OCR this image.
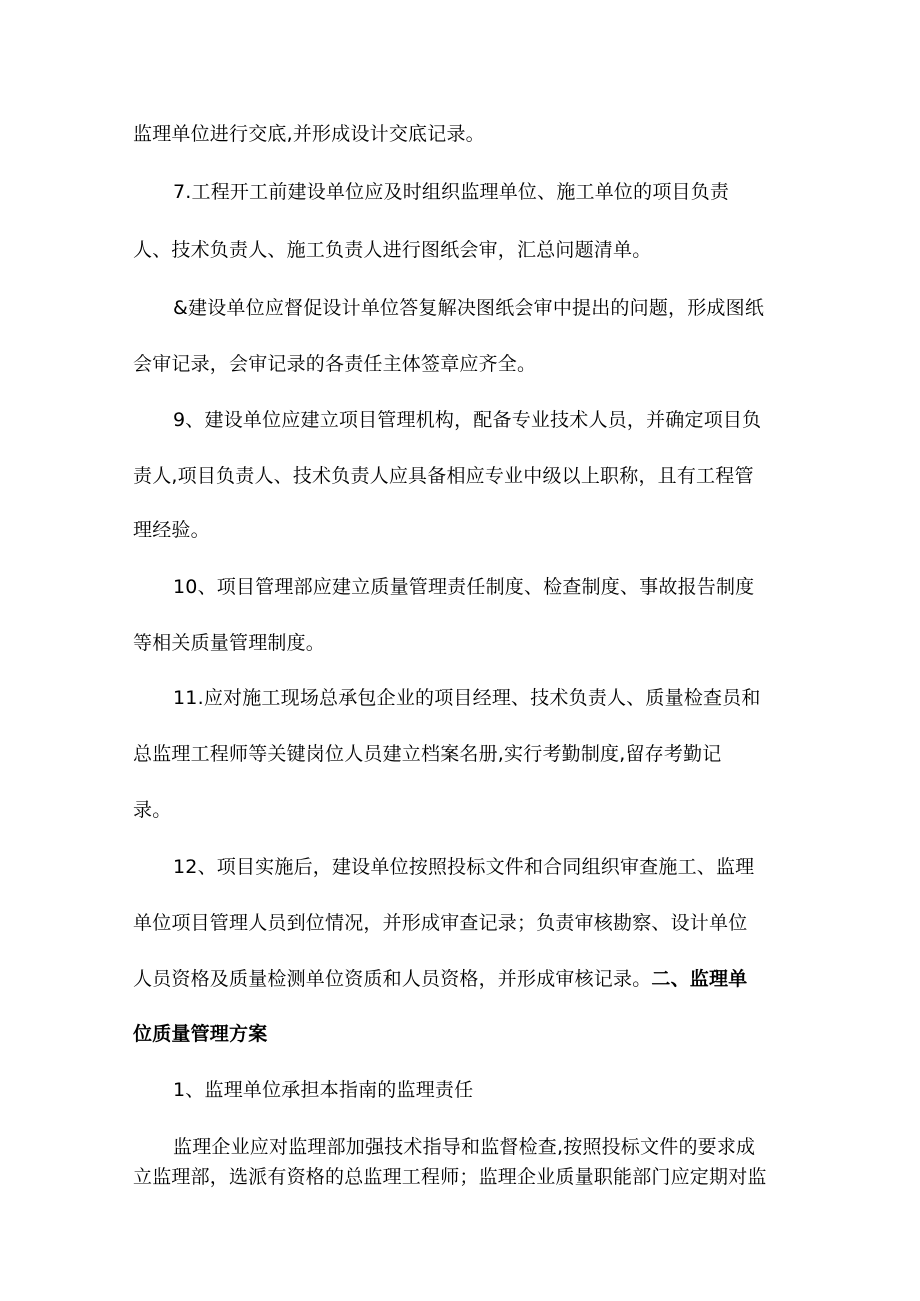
监理单位进行交底,并形成设计交底记录。
7.工程开工前建设单位应及时组织监理单位、施工单位的项目负责
人、技术负责人、施工负责人进行图纸会审，汇总问题清单。
&建设单位应督促设计单位答复解决图纸会审中提出的问题，形成图纸
会审记录，会审记录的各责任主体签章应齐全。
9、建设单位应建立项目管理机构，配备专业技术人员，并确定项目负
责人,项目负责人、技术负责人应具备相应专业中级以上职称，且有工程管
理经验。
10、项目管理部应建立质量管理责任制度、检查制度、事故报告制度
等相关质量管理制度。
11.应对施工现场总承包企业的项目经理、技术负责人、质量检查员和
总监理工程师等关键岗位人员建立档案名册,实行考勤制度,留存考勤记
录。
12、项目实施后，建设单位按照投标文件和合同组织审查施工、监理
单位项目管理人员到位情况，并形成审查记录；负责审核勘察、设计单位
人员资格及质量检测单位资质和人员资格，并形成审核记录。二、监理单
位质量管理方案
1、监理单位承担本指南的监理责任
监理企业应对监理部加强技术指导和监督检查,按照投标文件的要求成
立监理部，选派有资格的总监理工程师；监理企业质量职能部门应定期对监
